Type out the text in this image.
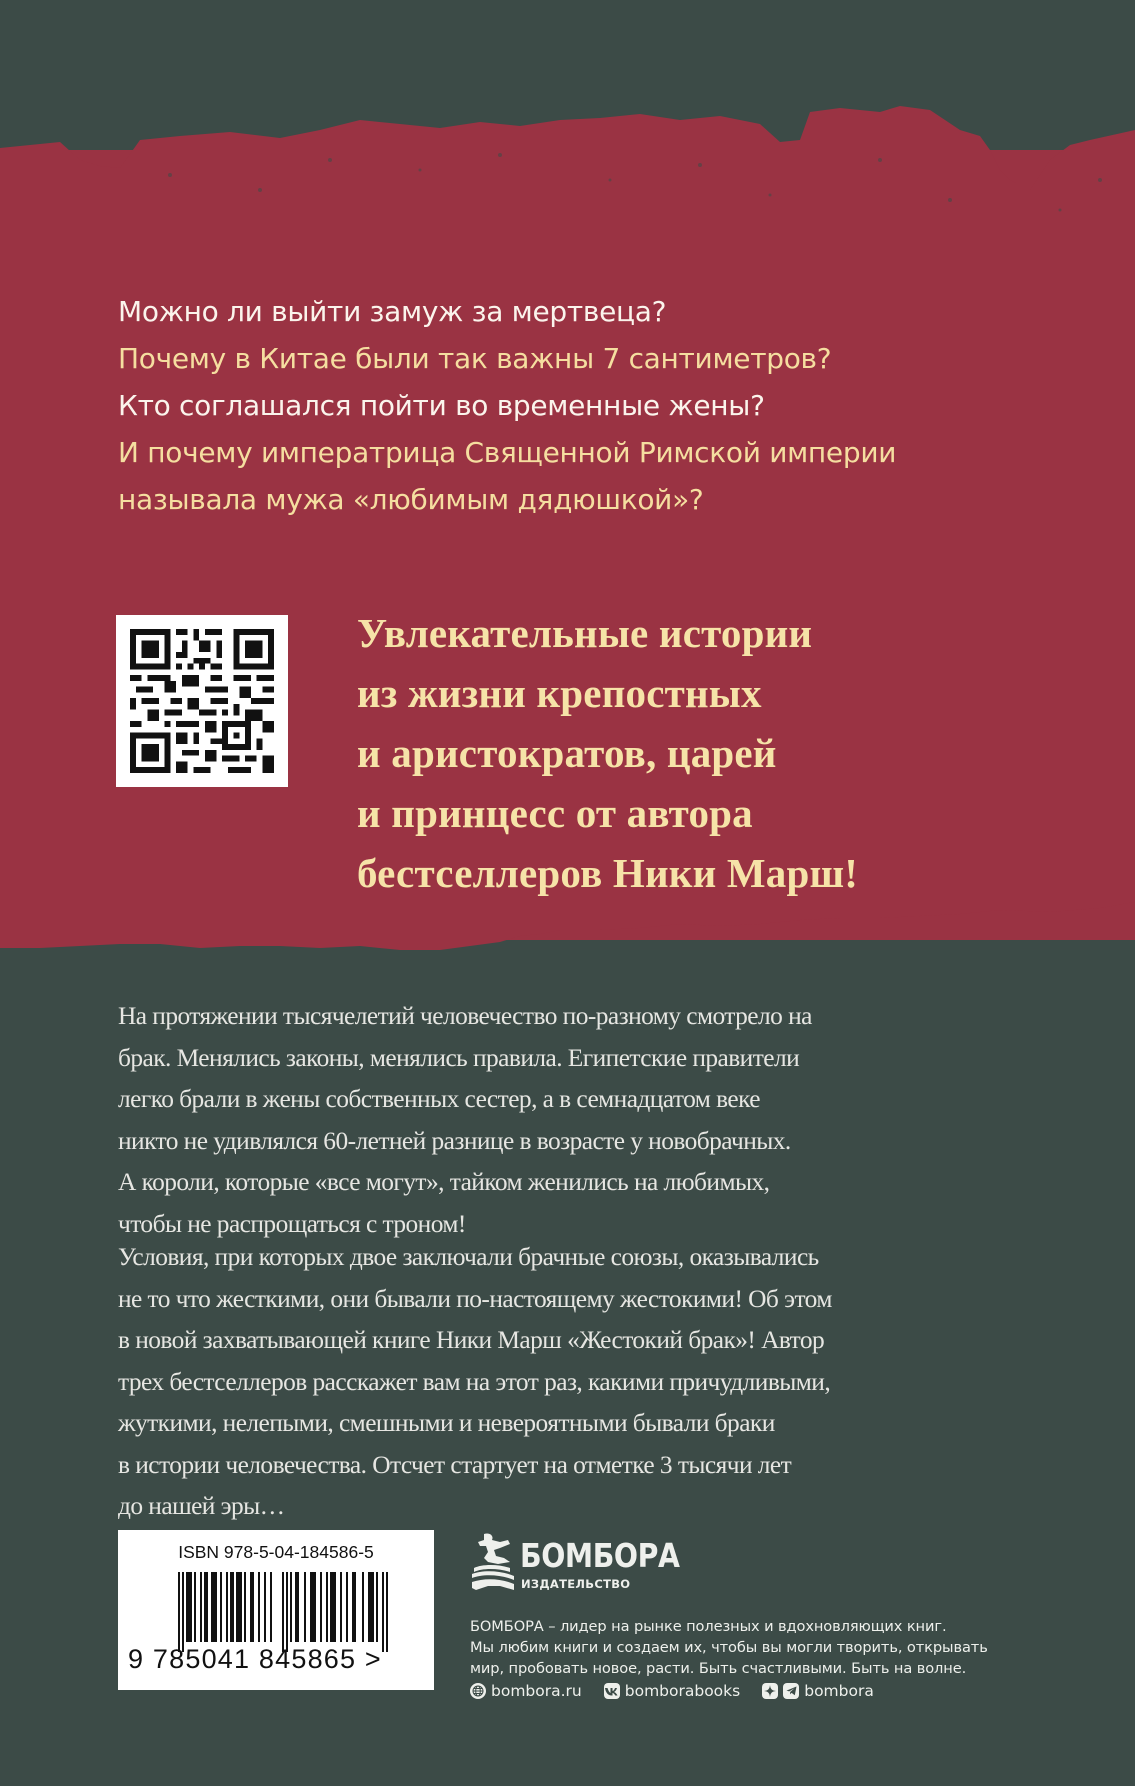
Можно ли выйти замуж за мертвеца?
Почему в Китае были так важны 7 сантиметров?
Кто соглашался пойти во временные жены?
И почему императрица Священной Римской империи
называла мужа «любимым дядюшкой»?
Увлекательные истории
из жизни крепостных
и аристократов, царей
и принцесс от автора
бестселлеров Ники Марш!
На протяжении тысячелетий человечество по-разному смотрело на
брак. Менялись законы, менялись правила. Египетские правители
легко брали в жены собственных сестер, а в семнадцатом веке
никто не удивлялся 60-летней разнице в возрасте у новобрачных.
А короли, которые «все могут», тайком женились на любимых,
чтобы не распрощаться с троном!
Условия, при которых двое заключали брачные союзы, оказывались
не то что жесткими, они бывали по-настоящему жестокими! Об этом
в новой захватывающей книге Ники Марш «Жестокий брак»! Автор
трех бестселлеров расскажет вам на этот раз, какими причудливыми,
жуткими, нелепыми, смешными и невероятными бывали браки
в истории человечества. Отсчет стартует на отметке 3 тысячи лет
до нашей эры…
ISBN 978-5-04-184586-5
9 785041 845865 >
БОМБОРА
ИЗДАТЕЛЬСТВО
БОМБОРА – лидер на рынке полезных и вдохновляющих книг.
Мы любим книги и создаем их, чтобы вы могли творить, открывать
мир, пробовать новое, расти. Быть счастливыми. Быть на волне.
bombora.ru	bomborabooks	bombora
